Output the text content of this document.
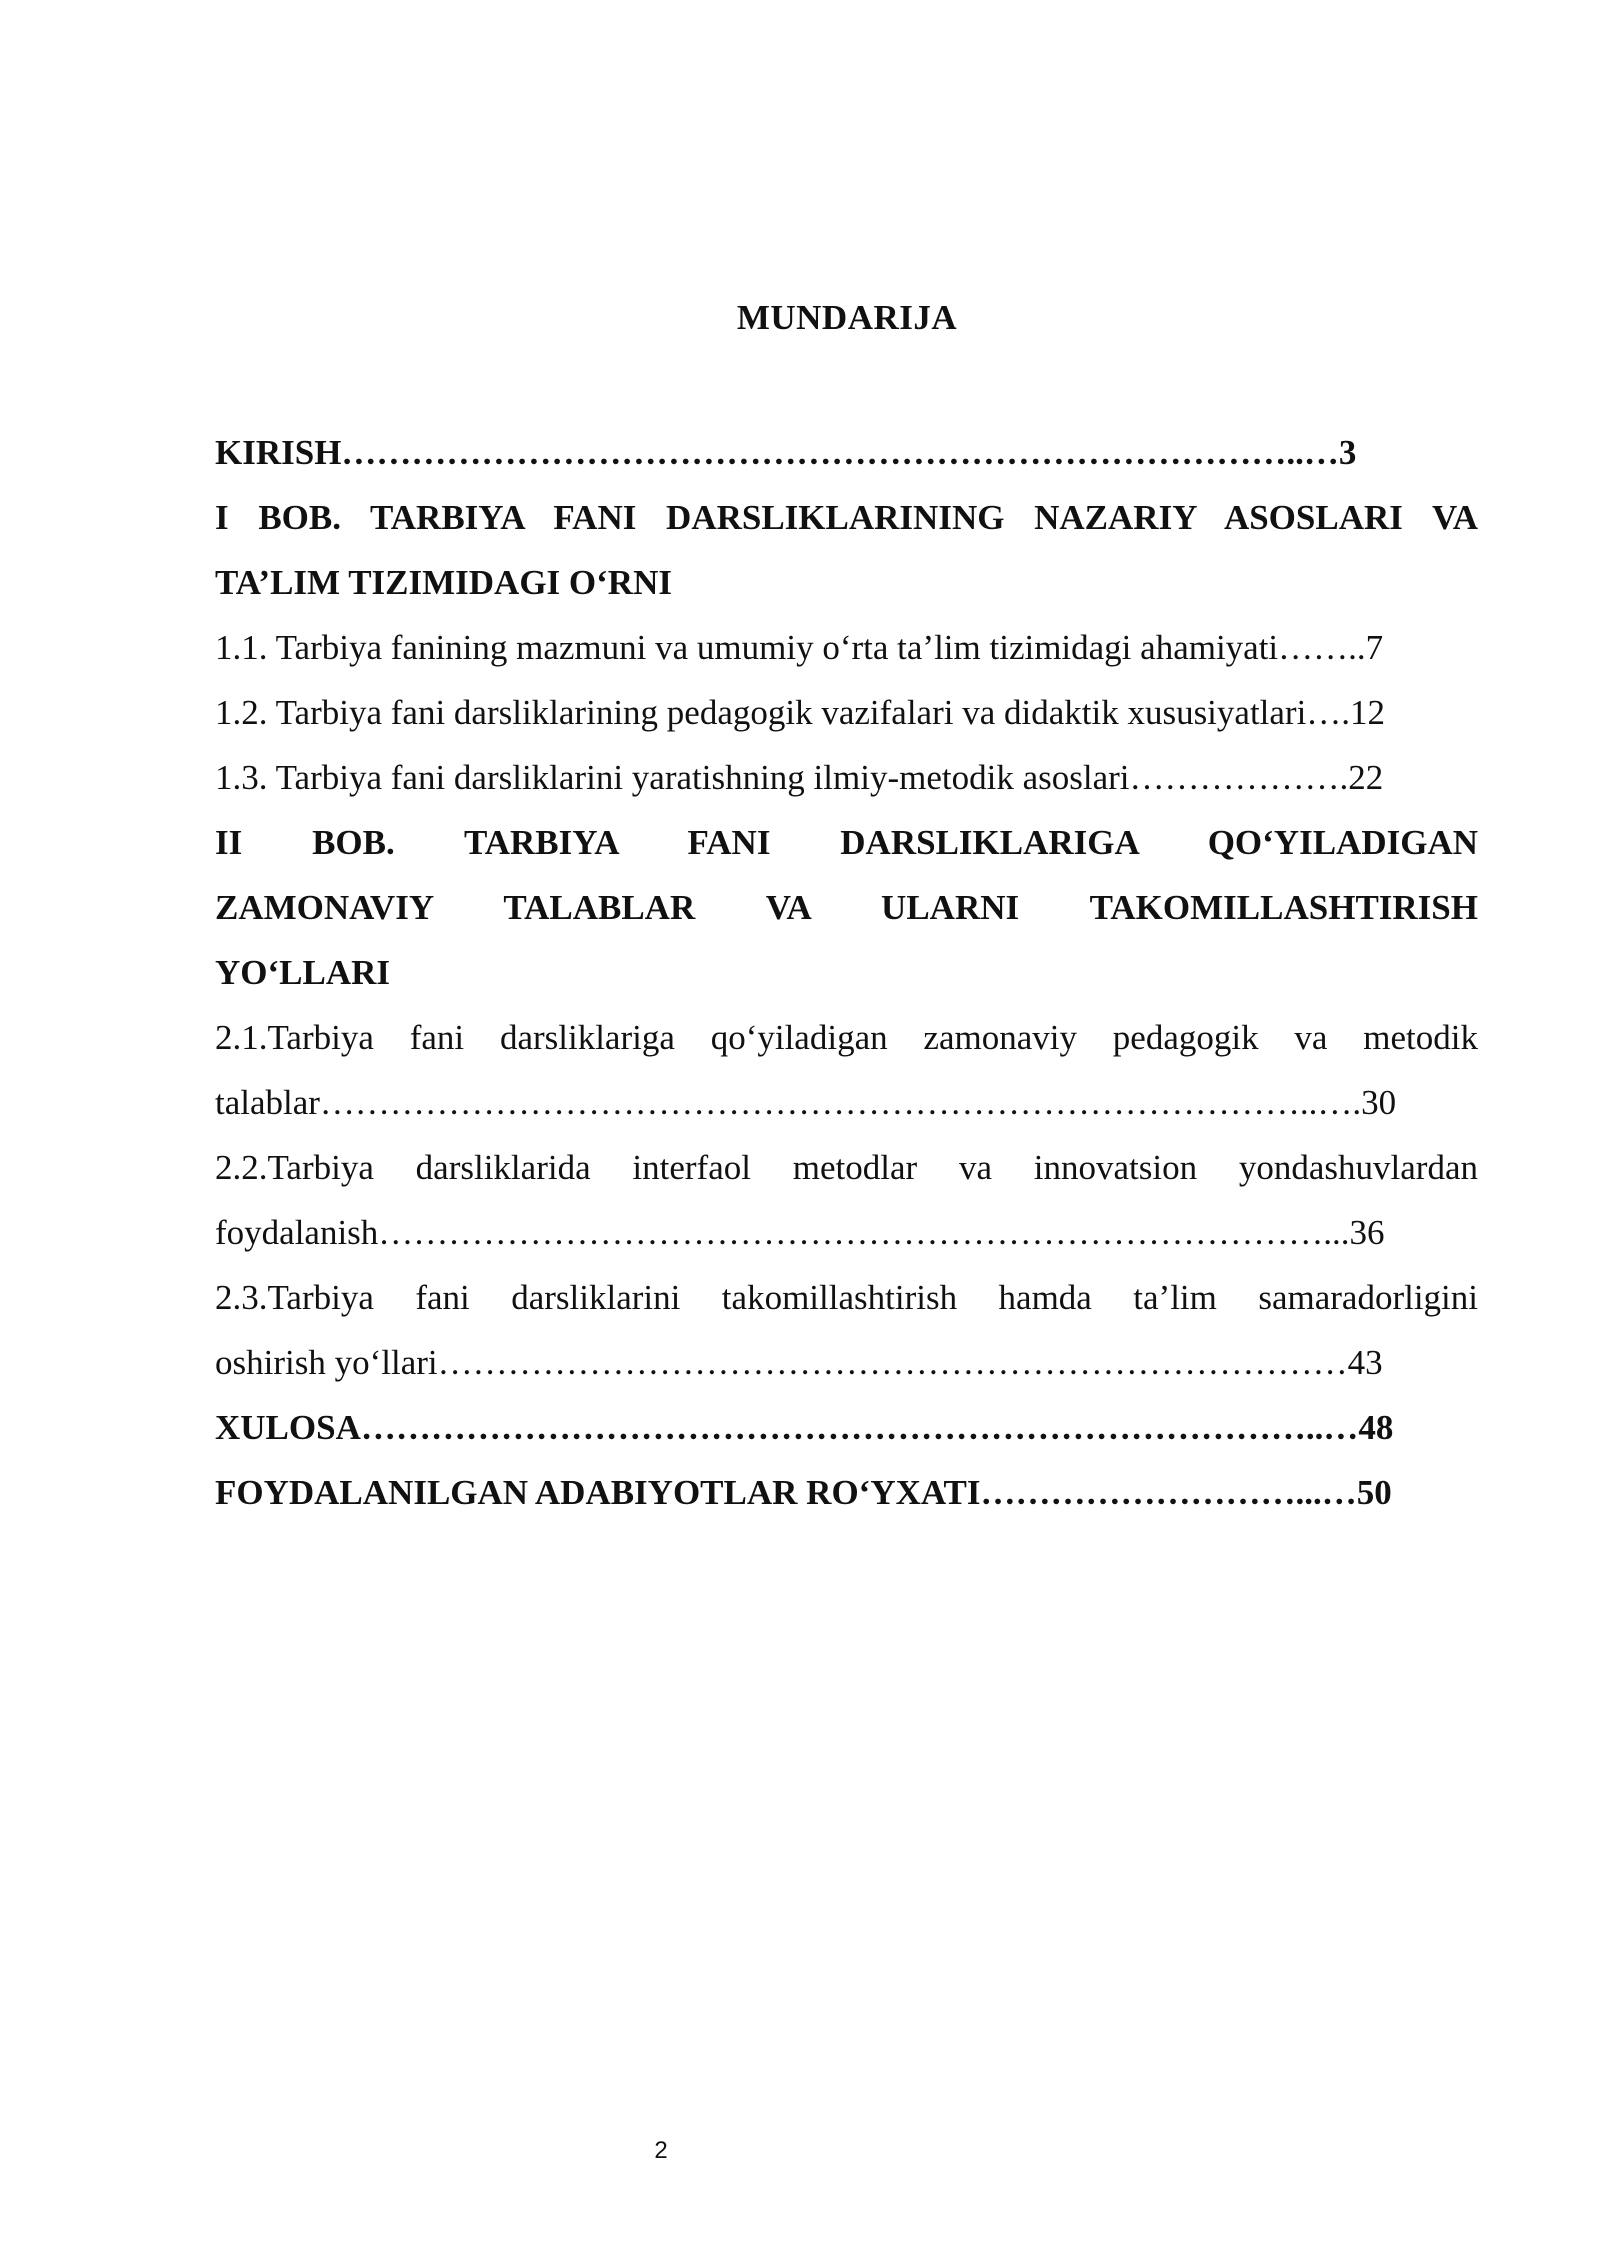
MUNDARIJA
KIRISH………………………………………………………………………..…3
I BOB. TARBIYA FANI DARSLIKLARINING NAZARIY ASOSLARI VA
TA’LIM TIZIMIDAGI O‘RNI
1.1. Tarbiya fanining mazmuni va umumiy o‘rta ta’lim tizimidagi ahamiyati……..7
1.2. Tarbiya fani darsliklarining pedagogik vazifalari va didaktik xususiyatlari….12
1.3. Tarbiya fani darsliklarini yaratishning ilmiy-metodik asoslari……………….22
II BOB. TARBIYA FANI DARSLIKLARIGA QO‘YILADIGAN
ZAMONAVIY TALABLAR VA ULARNI TAKOMILLASHTIRISH
YO‘LLARI
2.1.Tarbiya fani darsliklariga qo‘yiladigan zamonaviy pedagogik va metodik
talablar…………………………………………………………………………..….30
2.2.Tarbiya darsliklarida interfaol metodlar va innovatsion yondashuvlardan
foydalanish………………………………………………………………………...36
2.3.Tarbiya fani darsliklarini takomillashtirish hamda ta’lim samaradorligini
oshirish yo‘llari……………………………………………………………………43
XULOSA………………………………………………………………………..…48
FOYDALANILGAN ADABIYOTLAR RO‘YXATI………………………...…50
2
